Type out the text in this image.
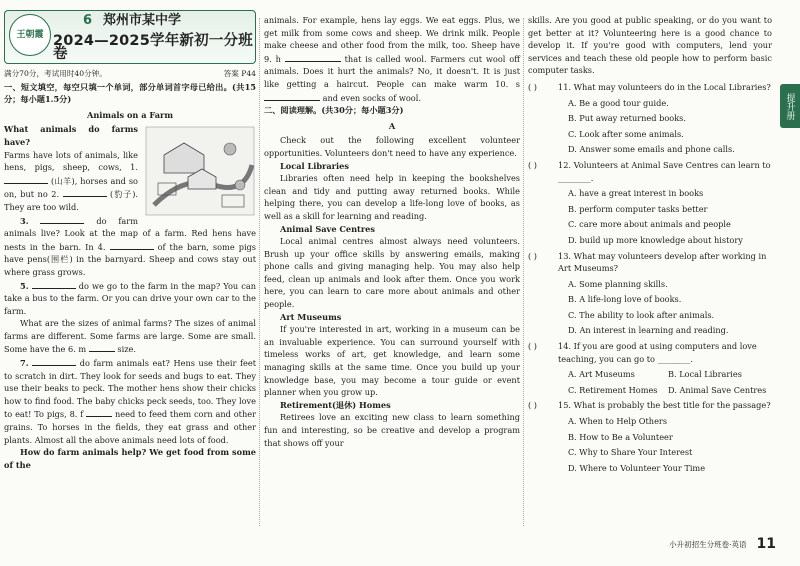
王朝霞
6 郑州市某中学
2024—2025学年新初一分班卷
满分70分，考试用时40分钟。	答案 P44

一、短文填空，每空只填一个单词，部分单词首字母已给出。(共15分；每小题1.5分)

Animals on a Farm

What animals do farms have?

Farms have lots of animals, like hens, pigs, sheep, cows, 1.  (山羊), horses and so on, but no 2.	(豹子). They are too wild.

3.	do farm animals live? Look at the map of a farm. Red hens have nests in the barn. In 4.	of the barn, some pigs have pens(围栏) in the barnyard. Sheep and cows stay out where grass grows.

5.	do we go to the farm in the map? You can take a bus to the farm. Or you can drive your own car to the farm.

What are the sizes of animal farms? The sizes of animal farms are different. Some farms are large. Some are small. Some have the 6. m	size.

7.	do farm animals eat? Hens use their feet to scratch in dirt. They look for seeds and bugs to eat. They use their beaks to peck. The mother hens show their chicks how to find food. The baby chicks peck seeds, too. They love to eat! To pigs, 8. f	need to feed them corn and other grains. To horses in the fields, they eat grass and other plants. Almost all the above animals need lots of food.

How do farm animals help? We get food from some of the

animals. For example, hens lay eggs. We eat eggs. Plus, we get milk from some cows and sheep. We drink milk. People make cheese and other food from the milk, too. Sheep have 9. h	that is called wool. Farmers cut wool off animals. Does it hurt the animals? No, it doesn't. It is just like getting a haircut. People can make warm 10. s  and even socks of wool.

二、阅读理解。(共30分；每小题3分)

A

Check out the following excellent volunteer opportunities. Volunteers don't need to have any experience.

Local Libraries

Libraries often need help in keeping the bookshelves clean and tidy and putting away returned books. While helping there, you can develop a life-long love of books, as well as a skill for learning and reading.

Animal Save Centres

Local animal centres almost always need volunteers. Brush up your office skills by answering emails, making phone calls and giving managing help. You may also help feed, clean up animals and look after them. Once you work here, you can learn to care more about animals and other people.

Art Museums

If you're interested in art, working in a museum can be an invaluable experience. You can surround yourself with timeless works of art, get knowledge, and learn some managing skills at the same time. Once you build up your knowledge base, you may become a tour guide or event planner when you grow up.

Retirement(退休) Homes

Retirees love an exciting new class to learn something fun and interesting, so be creative and develop a program that shows off your

skills. Are you good at public speaking, or do you want to get better at it? Volunteering here is a good chance to develop it. If you're good with computers, lend your services and teach these old people how to perform basic computer tasks.

( )	11. What may volunteers do in the Local Libraries?
A. Be a good tour guide.
B. Put away returned books.
C. Look after some animals.
D. Answer some emails and phone calls.
( )	12. Volunteers at Animal Save Centres can learn to ________.
A. have a great interest in books
B. perform computer tasks better
C. care more about animals and people
D. build up more knowledge about history
( )	13. What may volunteers develop after working in Art Museums?
A. Some planning skills.
B. A life-long love of books.
C. The ability to look after animals.
D. An interest in learning and reading.
( )	14. If you are good at using computers and love teaching, you can go to ________.
A. Art Museums	B. Local Libraries
C. Retirement Homes	D. Animal Save Centres
( )	15. What is probably the best title for the passage?
A. When to Help Others
B. How to Be a Volunteer
C. Why to Share Your Interest
D. Where to Volunteer Your Time
提升册
小升初招生分班卷·英语 11
